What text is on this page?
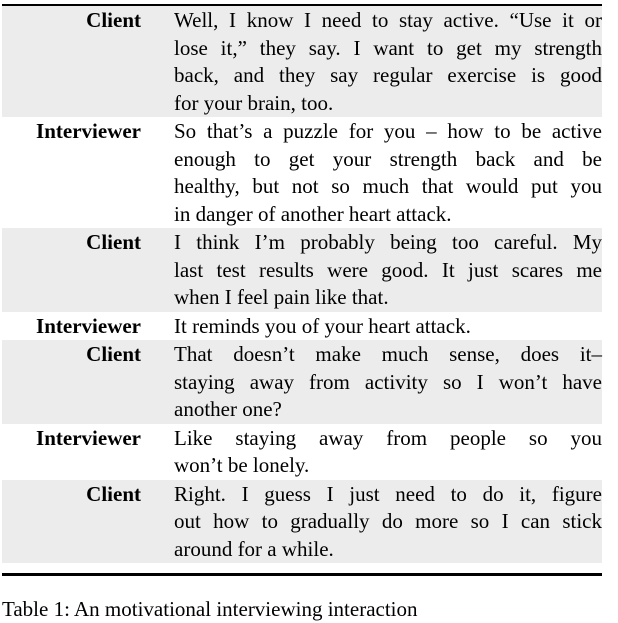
Client Well, I know I need to stay active. “Use it or
lose it,” they say. I want to get my strength
back, and they say regular exercise is good
for your brain, too.
Interviewer So that’s a puzzle for you – how to be active
enough to get your strength back and be
healthy, but not so much that would put you
in danger of another heart attack.
Client I think I’m probably being too careful. My
last test results were good. It just scares me
when I feel pain like that.
Interviewer It reminds you of your heart attack.
Client That doesn’t make much sense, does it–
staying away from activity so I won’t have
another one?
Interviewer Like staying away from people so you
won’t be lonely.
Client Right. I guess I just need to do it, figure
out how to gradually do more so I can stick
around for a while.
Table 1: An motivational interviewing interaction
